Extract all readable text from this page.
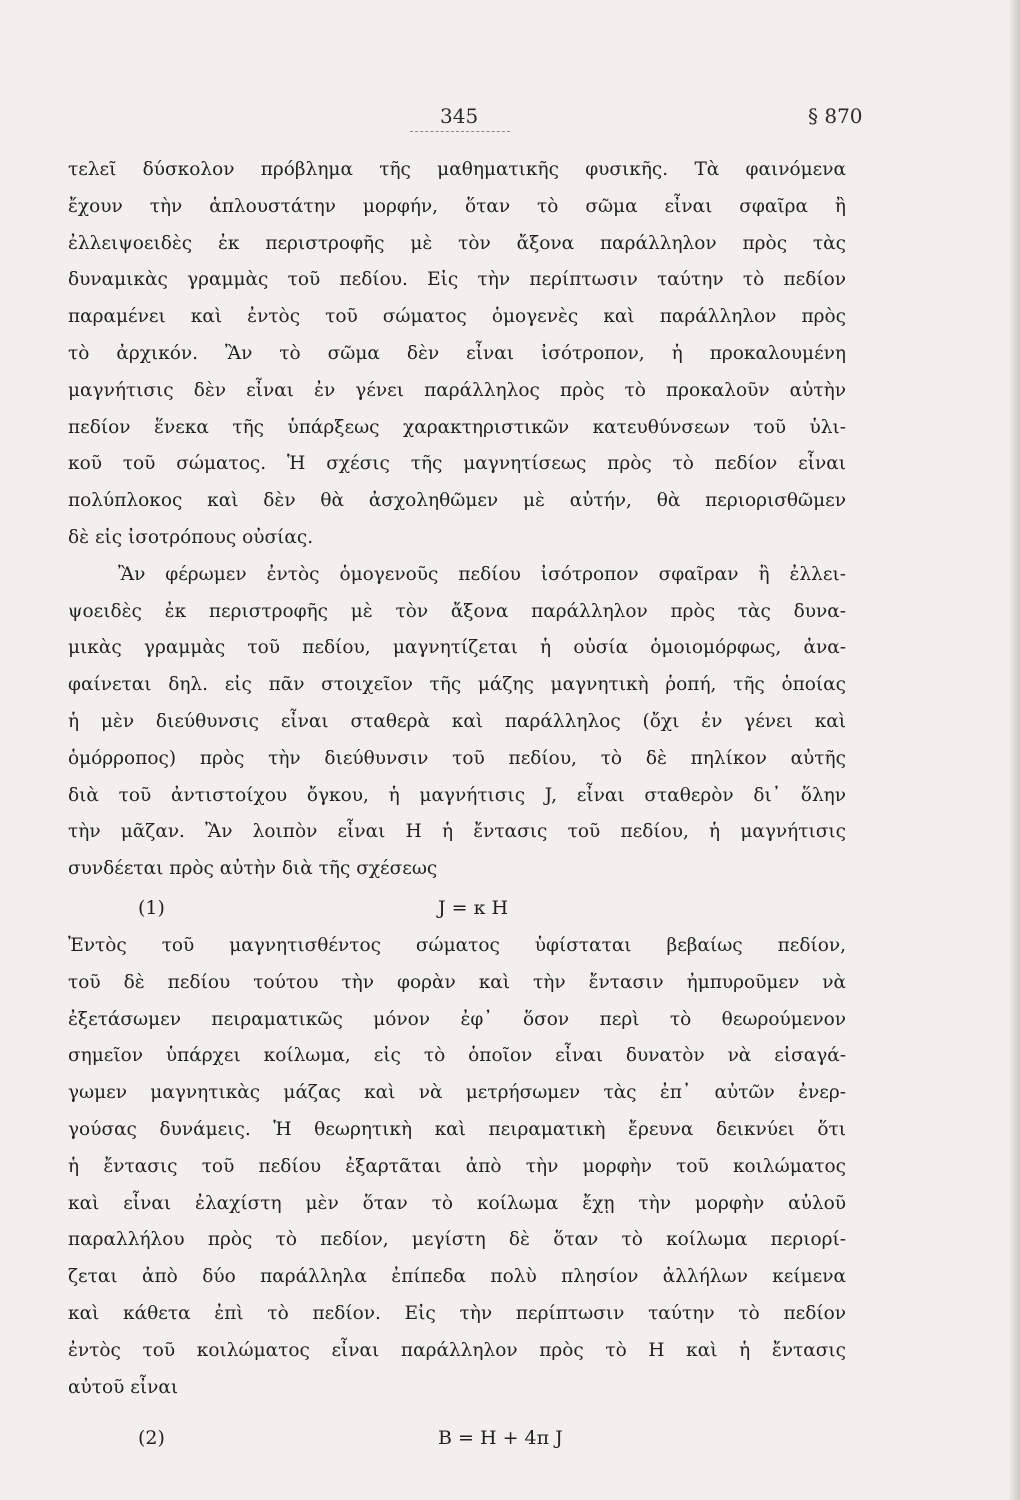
345	§ 870
τελεῖ δύσκολον πρόβλημα τῆς μαθηματικῆς φυσικῆς. Τὰ φαινόμενα
ἔχουν τὴν ἁπλουστάτην μορφήν, ὅταν τὸ σῶμα εἶναι σφαῖρα ἢ
ἐλλειψοειδὲς ἐκ περιστροφῆς μὲ τὸν ἄξονα παράλληλον πρὸς τὰς
δυναμικὰς γραμμὰς τοῦ πεδίου. Εἰς τὴν περίπτωσιν ταύτην τὸ πεδίον
παραμένει καὶ ἐντὸς τοῦ σώματος ὁμογενὲς καὶ παράλληλον πρὸς
τὸ ἀρχικόν. Ἂν τὸ σῶμα δὲν εἶναι ἰσότροπον, ἡ προκαλουμένη
μαγνήτισις δὲν εἶναι ἐν γένει παράλληλος πρὸς τὸ προκαλοῦν αὐτὴν
πεδίον ἕνεκα τῆς ὑπάρξεως χαρακτηριστικῶν κατευθύνσεων τοῦ ὑλι-
κοῦ τοῦ σώματος. Ἡ σχέσις τῆς μαγνητίσεως πρὸς τὸ πεδίον εἶναι
πολύπλοκος καὶ δὲν θὰ ἀσχοληθῶμεν μὲ αὐτήν, θὰ περιορισθῶμεν
δὲ εἰς ἰσοτρόπους οὐσίας.
Ἂν φέρωμεν ἐντὸς ὁμογενοῦς πεδίου ἰσότροπον σφαῖραν ἢ ἐλλει-
ψοειδὲς ἐκ περιστροφῆς μὲ τὸν ἄξονα παράλληλον πρὸς τὰς δυνα-
μικὰς γραμμὰς τοῦ πεδίου, μαγνητίζεται ἡ οὐσία ὁμοιομόρφως, ἀνα-
φαίνεται δηλ. εἰς πᾶν στοιχεῖον τῆς μάζης μαγνητικὴ ῥοπή, τῆς ὁποίας
ἡ μὲν διεύθυνσις εἶναι σταθερὰ καὶ παράλληλος (ὄχι ἐν γένει καὶ
ὁμόρροπος) πρὸς τὴν διεύθυνσιν τοῦ πεδίου, τὸ δὲ πηλίκον αὐτῆς
διὰ τοῦ ἀντιστοίχου ὄγκου, ἡ μαγνήτισις J, εἶναι σταθερὸν δι᾽ ὅλην
τὴν μᾶζαν. Ἂν λοιπὸν εἶναι H ἡ ἔντασις τοῦ πεδίου, ἡ μαγνήτισις
συνδέεται πρὸς αὐτὴν διὰ τῆς σχέσεως
(1)	J = κ H
Ἐντὸς τοῦ μαγνητισθέντος σώματος ὑφίσταται βεβαίως πεδίον,
τοῦ δὲ πεδίου τούτου τὴν φορὰν καὶ τὴν ἔντασιν ἠμπυροῦμεν νὰ
ἐξετάσωμεν πειραματικῶς μόνον ἐφ᾽ ὅσον περὶ τὸ θεωρούμενον
σημεῖον ὑπάρχει κοίλωμα, εἰς τὸ ὁποῖον εἶναι δυνατὸν νὰ εἰσαγά-
γωμεν μαγνητικὰς μάζας καὶ νὰ μετρήσωμεν τὰς ἐπ᾽ αὐτῶν ἐνερ-
γούσας δυνάμεις. Ἡ θεωρητικὴ καὶ πειραματικὴ ἔρευνα δεικνύει ὅτι
ἡ ἔντασις τοῦ πεδίου ἐξαρτᾶται ἀπὸ τὴν μορφὴν τοῦ κοιλώματος
καὶ εἶναι ἐλαχίστη μὲν ὅταν τὸ κοίλωμα ἔχῃ τὴν μορφὴν αὐλοῦ
παραλλήλου πρὸς τὸ πεδίον, μεγίστη δὲ ὅταν τὸ κοίλωμα περιορί-
ζεται ἀπὸ δύο παράλληλα ἐπίπεδα πολὺ πλησίον ἀλλήλων κείμενα
καὶ κάθετα ἐπὶ τὸ πεδίον. Εἰς τὴν περίπτωσιν ταύτην τὸ πεδίον
ἐντὸς τοῦ κοιλώματος εἶναι παράλληλον πρὸς τὸ H καὶ ἡ ἔντασις
αὐτοῦ εἶναι
(2)	B = H + 4π J
